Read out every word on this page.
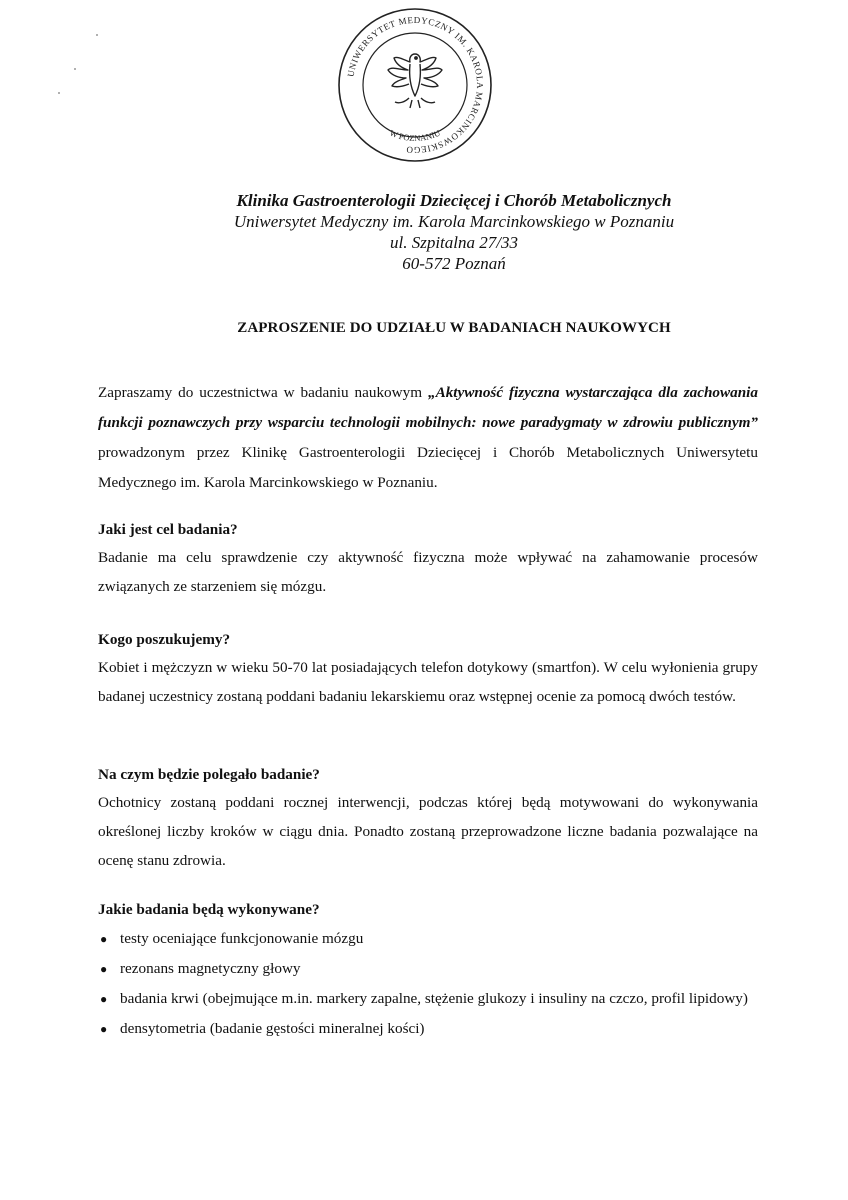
UNIWERSYTET MEDYCZNY IM. KAROLA MARCINKOWSKIEGO
W POZNANIU
Klinika Gastroenterologii Dziecięcej i Chorób Metabolicznych
Uniwersytet Medyczny im. Karola Marcinkowskiego w Poznaniu
ul. Szpitalna 27/33
60-572 Poznań
ZAPROSZENIE DO UDZIAŁU W BADANIACH NAUKOWYCH
Zapraszamy do uczestnictwa w badaniu naukowym „Aktywność fizyczna wystarczająca dla zachowania funkcji poznawczych przy wsparciu technologii mobilnych: nowe paradygmaty w zdrowiu publicznym” prowadzonym przez Klinikę Gastroenterologii Dziecięcej i Chorób Metabolicznych Uniwersytetu Medycznego im. Karola Marcinkowskiego w Poznaniu.
Jaki jest cel badania?
Badanie ma celu sprawdzenie czy aktywność fizyczna może wpływać na zahamowanie procesów związanych ze starzeniem się mózgu.
Kogo poszukujemy?
Kobiet i mężczyzn w wieku 50-70 lat posiadających telefon dotykowy (smartfon). W celu wyłonienia grupy badanej uczestnicy zostaną poddani badaniu lekarskiemu oraz wstępnej ocenie za pomocą dwóch testów.
Na czym będzie polegało badanie?
Ochotnicy zostaną poddani rocznej interwencji, podczas której będą motywowani do wykonywania określonej liczby kroków w ciągu dnia. Ponadto zostaną przeprowadzone liczne badania pozwalające na ocenę stanu zdrowia.
Jakie badania będą wykonywane?
● testy oceniające funkcjonowanie mózgu
● rezonans magnetyczny głowy
● badania krwi (obejmujące m.in. markery zapalne, stężenie glukozy i insuliny na czczo, profil lipidowy)
● densytometria (badanie gęstości mineralnej kości)
